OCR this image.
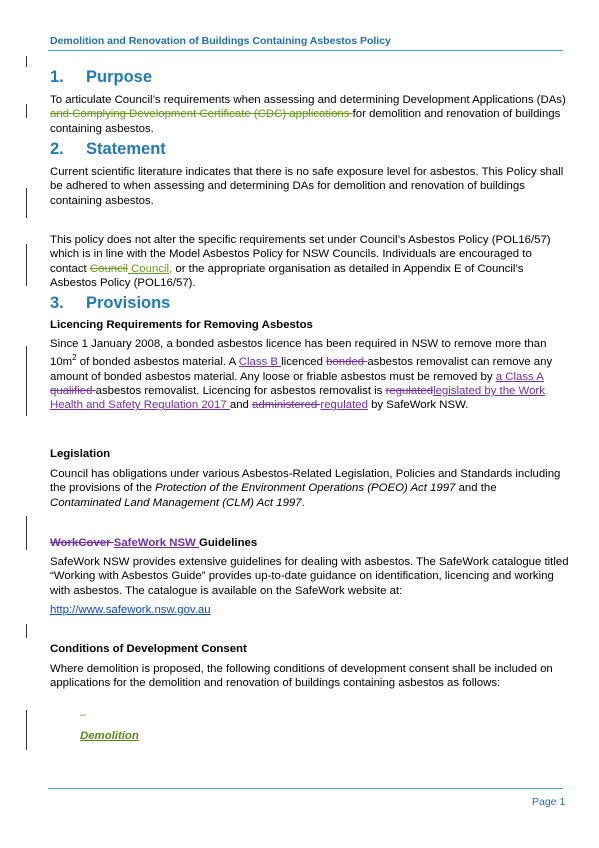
Demolition and Renovation of Buildings Containing Asbestos Policy
1. Purpose
To articulate Council’s requirements when assessing and determining Development Applications (DAs) and Complying Development Certificate (CDC) applications for demolition and renovation of buildings containing asbestos.
2. Statement
Current scientific literature indicates that there is no safe exposure level for asbestos. This Policy shall be adhered to when assessing and determining DAs for demolition and renovation of buildings containing asbestos.
This policy does not alter the specific requirements set under Council’s Asbestos Policy (POL16/57) which is in line with the Model Asbestos Policy for NSW Councils. Individuals are encouraged to contact Council Council, or the appropriate organisation as detailed in Appendix E of Council’s Asbestos Policy (POL16/57).
3. Provisions
Licencing Requirements for Removing Asbestos
Since 1 January 2008, a bonded asbestos licence has been required in NSW to remove more than $10m^2$ of bonded asbestos material. A Class B licenced bonded asbestos removalist can remove any amount of bonded asbestos material. Any loose or friable asbestos must be removed by a Class A qualified asbestos removalist. Licencing for asbestos removalist is regulatedlegislated by the Work Health and Safety Regulation 2017 and administered regulated by SafeWork NSW.
Legislation
Council has obligations under various Asbestos-Related Legislation, Policies and Standards including the provisions of the Protection of the Environment Operations (POEO) Act 1997 and the Contaminated Land Management (CLM) Act 1997.
WorkCover SafeWork NSW Guidelines
SafeWork NSW provides extensive guidelines for dealing with asbestos. The SafeWork catalogue titled “Working with Asbestos Guide” provides up-to-date guidance on identification, licencing and working with asbestos. The catalogue is available on the SafeWork website at:
http://www.safework.nsw.gov.au
Conditions of Development Consent
Where demolition is proposed, the following conditions of development consent shall be included on applications for the demolition and renovation of buildings containing asbestos as follows:
–
Demolition
Page 1
